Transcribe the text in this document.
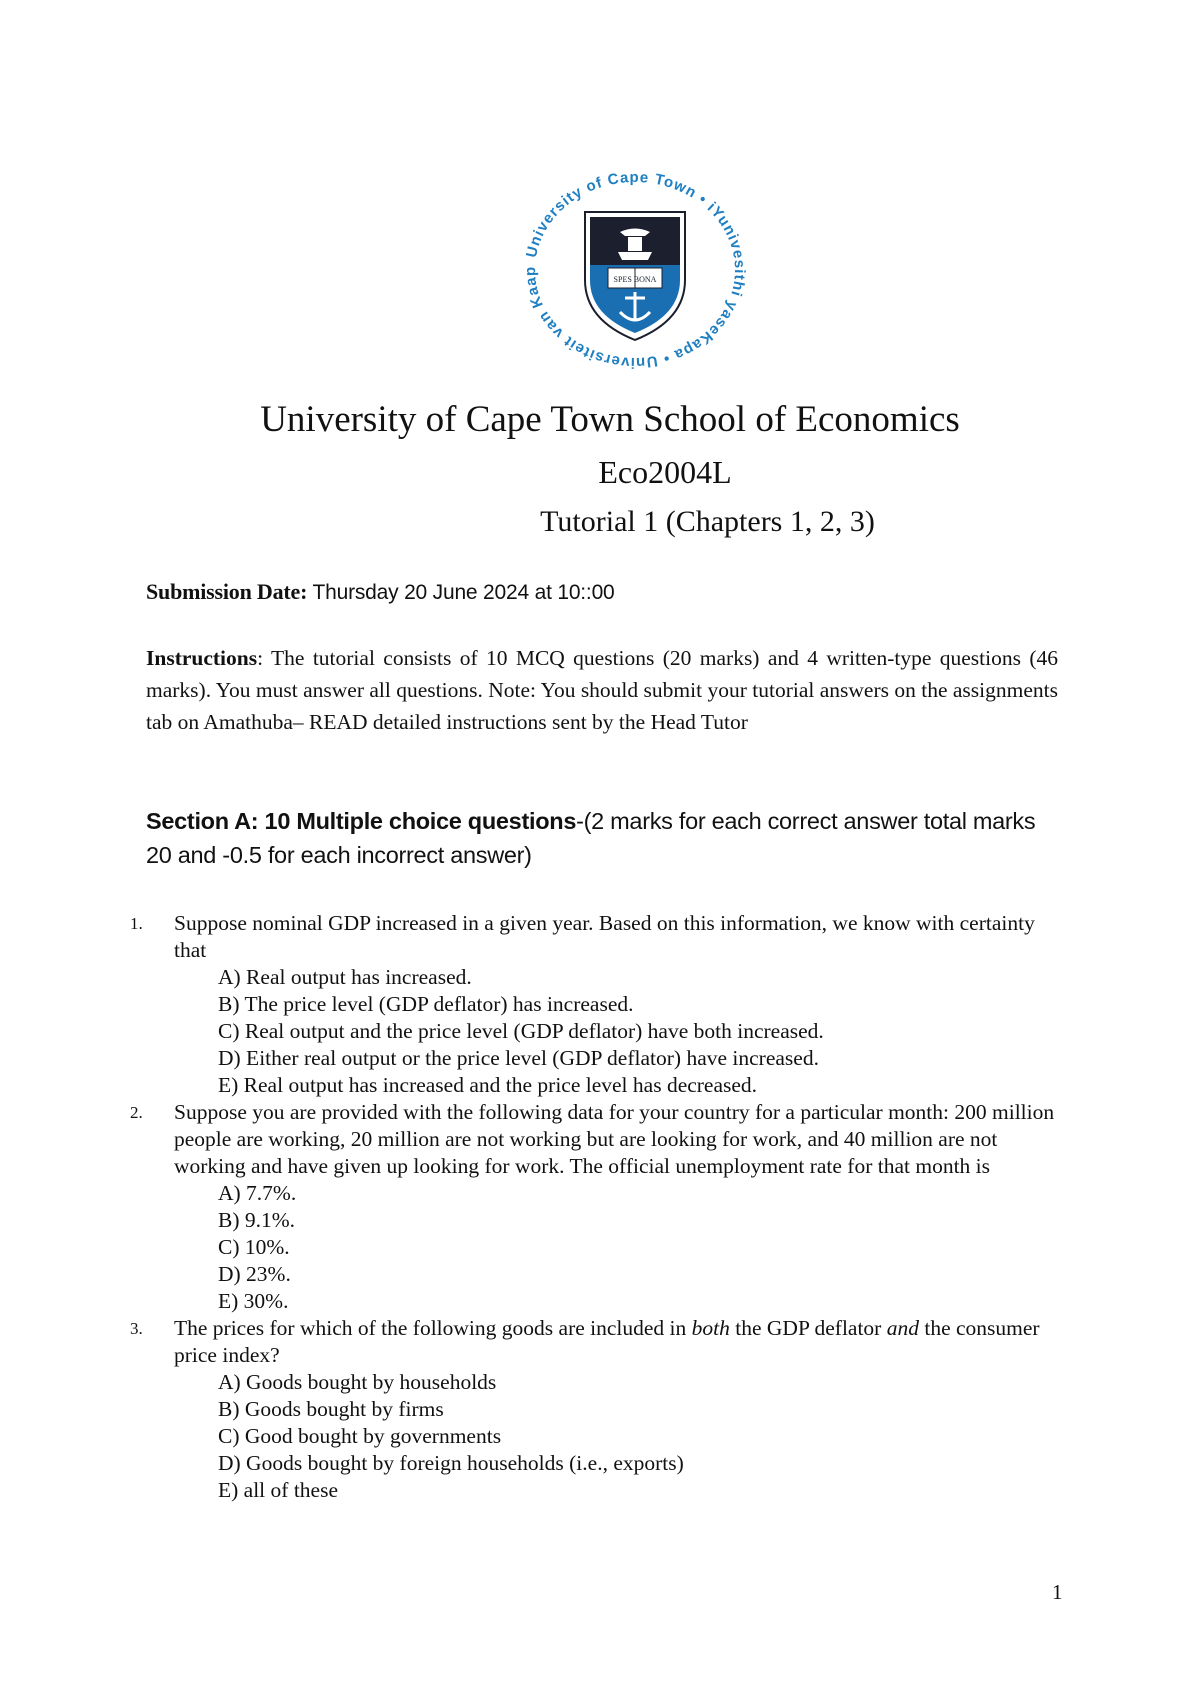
University of Cape Town • iYunivesithi yaseKapa • Universiteit van Kaap
SPES BONA
University of Cape Town School of Economics
Eco2004L
Tutorial 1 (Chapters 1, 2, 3)
Submission Date: Thursday 20 June 2024 at 10::00
Instructions: The tutorial consists of 10 MCQ questions (20 marks) and 4 written-type questions (46 marks). You must answer all questions. Note: You should submit your tutorial answers on the assignments tab on Amathuba– READ detailed instructions sent by the Head Tutor
Section A: 10 Multiple choice questions-(2 marks for each correct answer total marks 20 and -0.5 for each incorrect answer)
1. Suppose nominal GDP increased in a given year. Based on this information, we know with certainty that
A) Real output has increased.
B) The price level (GDP deflator) has increased.
C) Real output and the price level (GDP deflator) have both increased.
D) Either real output or the price level (GDP deflator) have increased.
E) Real output has increased and the price level has decreased.
2. Suppose you are provided with the following data for your country for a particular month: 200 million people are working, 20 million are not working but are looking for work, and 40 million are not working and have given up looking for work. The official unemployment rate for that month is
A) 7.7%.
B) 9.1%.
C) 10%.
D) 23%.
E) 30%.
3. The prices for which of the following goods are included in both the GDP deflator and the consumer price index?
A) Goods bought by households
B) Goods bought by firms
C) Good bought by governments
D) Goods bought by foreign households (i.e., exports)
E) all of these
1
